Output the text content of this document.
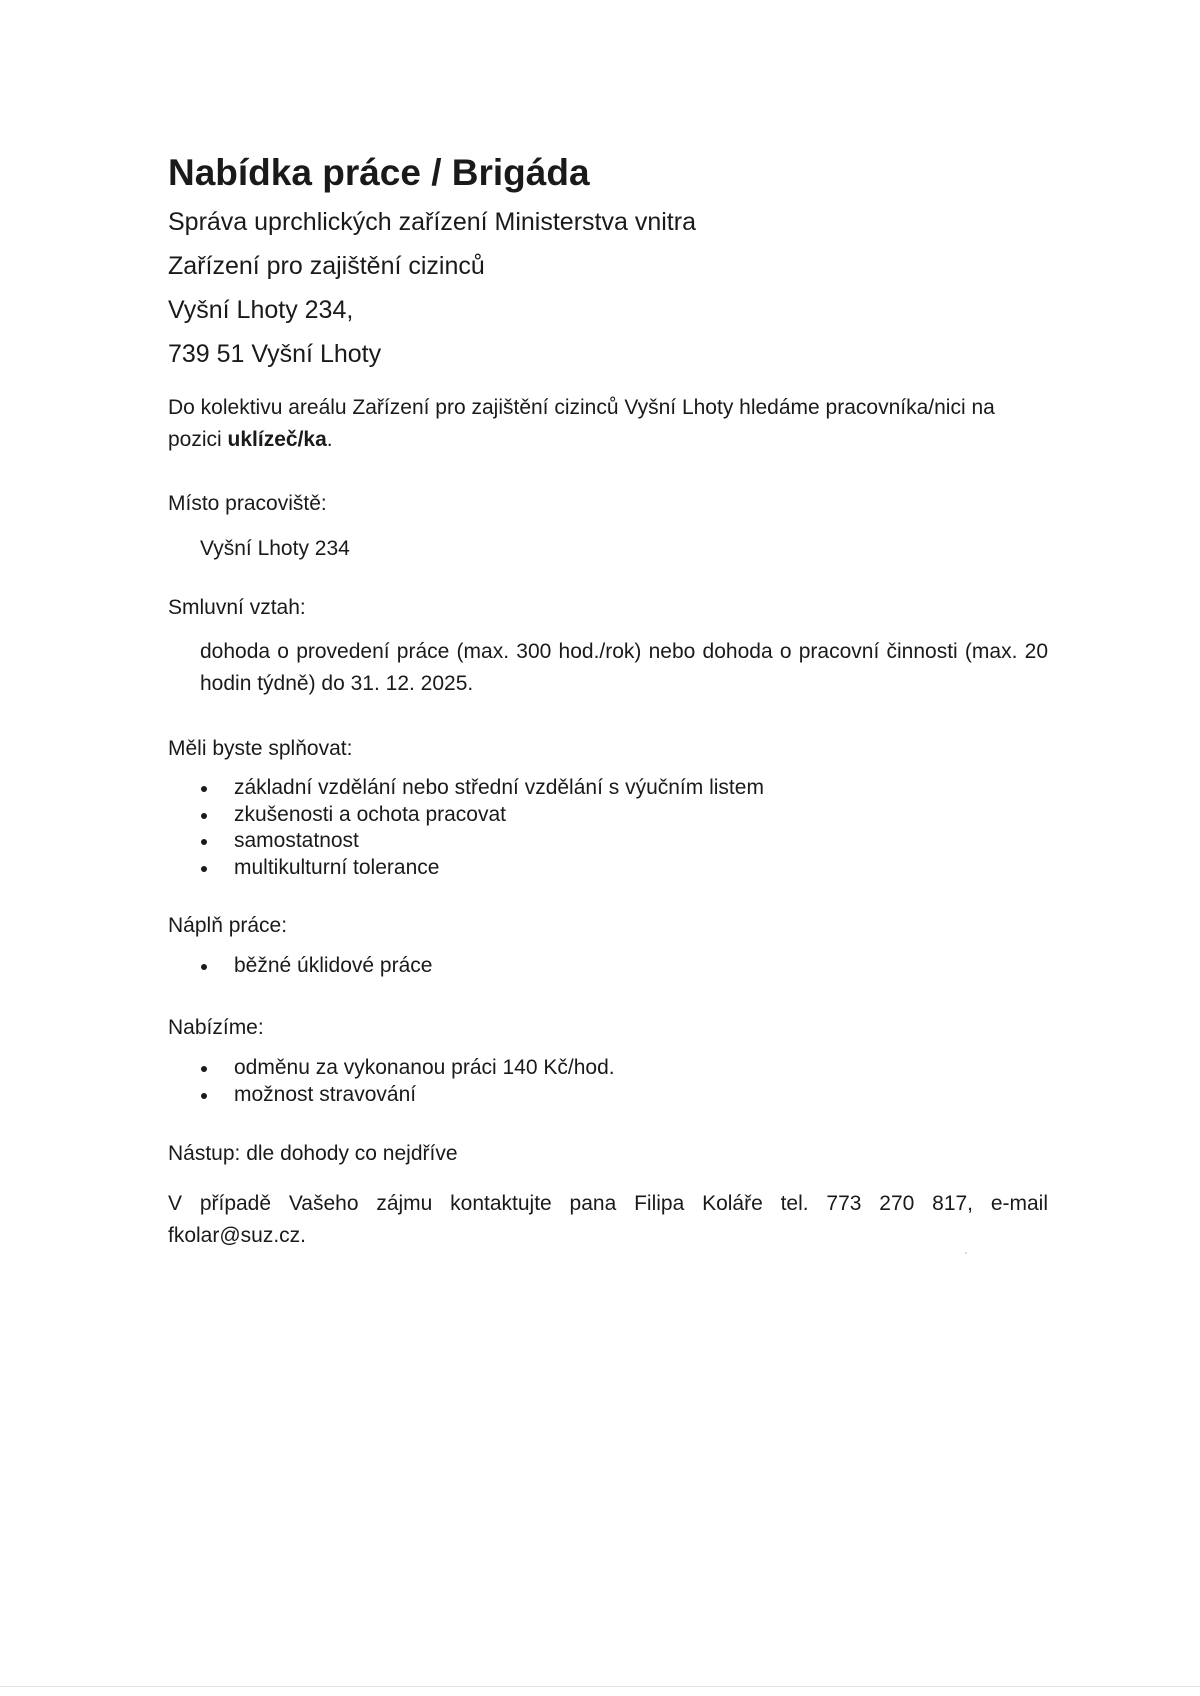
Nabídka práce / Brigáda
Správa uprchlických zařízení Ministerstva vnitra
Zařízení pro zajištění cizinců
Vyšní Lhoty 234,
739 51 Vyšní Lhoty
Do kolektivu areálu Zařízení pro zajištění cizinců Vyšní Lhoty hledáme pracovníka/nici na pozici uklízeč/ka.
Místo pracoviště:
Vyšní Lhoty 234
Smluvní vztah:
dohoda o provedení práce (max. 300 hod./rok) nebo dohoda o pracovní činnosti (max. 20 hodin týdně) do 31. 12. 2025.
Měli byste splňovat:
základní vzdělání nebo střední vzdělání s výučním listem
zkušenosti a ochota pracovat
samostatnost
multikulturní tolerance
Náplň práce:
běžné úklidové práce
Nabízíme:
odměnu za vykonanou práci 140 Kč/hod.
možnost stravování
Nástup: dle dohody co nejdříve
V případě Vašeho zájmu kontaktujte pana Filipa Koláře tel. 773 270 817, e-mail fkolar@suz.cz.
